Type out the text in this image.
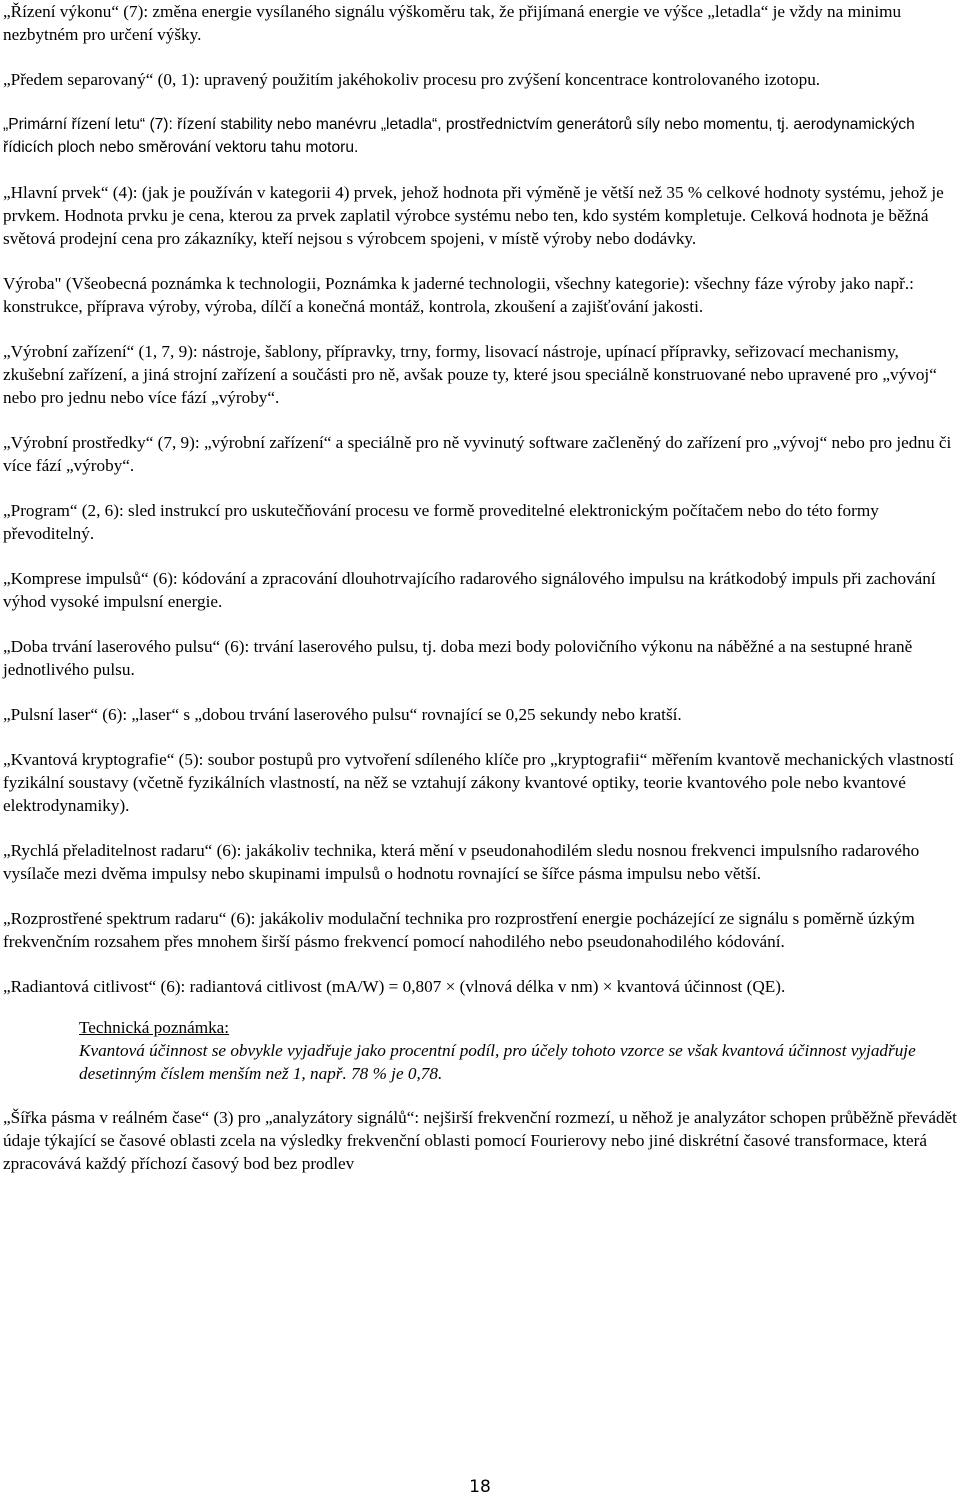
„Řízení výkonu“ (7): změna energie vysílaného signálu výškoměru tak, že přijímaná energie ve výšce „letadla“ je vždy na minimu nezbytném pro určení výšky.

„Předem separovaný“ (0, 1): upravený použitím jakéhokoliv procesu pro zvýšení koncentrace kontrolovaného izotopu.

„Primární řízení letu“ (7): řízení stability nebo manévru „letadla“, prostřednictvím generátorů síly nebo momentu, tj. aerodynamických řídicích ploch nebo směrování vektoru tahu motoru.

„Hlavní prvek“ (4): (jak je používán v kategorii 4) prvek, jehož hodnota při výměně je větší než 35 % celkové hodnoty systému, jehož je prvkem. Hodnota prvku je cena, kterou za prvek zaplatil výrobce systému nebo ten, kdo systém kompletuje. Celková hodnota je běžná světová prodejní cena pro zákazníky, kteří nejsou s výrobcem spojeni, v místě výroby nebo dodávky.

Výroba" (Všeobecná poznámka k technologii, Poznámka k jaderné technologii, všechny kategorie): všechny fáze výroby jako např.: konstrukce, příprava výroby, výroba, dílčí a konečná montáž, kontrola, zkoušení a zajišťování jakosti.

„Výrobní zařízení“ (1, 7, 9): nástroje, šablony, přípravky, trny, formy, lisovací nástroje, upínací přípravky, seřizovací mechanismy, zkušební zařízení, a jiná strojní zařízení a součásti pro ně, avšak pouze ty, které jsou speciálně konstruované nebo upravené pro „vývoj“ nebo pro jednu nebo více fází „výroby“.

„Výrobní prostředky“ (7, 9): „výrobní zařízení“ a speciálně pro ně vyvinutý software začleněný do zařízení pro „vývoj“ nebo pro jednu či více fází „výroby“.

„Program“ (2, 6): sled instrukcí pro uskutečňování procesu ve formě proveditelné elektronickým počítačem nebo do této formy převoditelný.

„Komprese impulsů“ (6): kódování a zpracování dlouhotrvajícího radarového signálového impulsu na krátkodobý impuls při zachování výhod vysoké impulsní energie.

„Doba trvání laserového pulsu“ (6): trvání laserového pulsu, tj. doba mezi body polovičního výkonu na náběžné a na sestupné hraně jednotlivého pulsu.

„Pulsní laser“ (6): „laser“ s „dobou trvání laserového pulsu“ rovnající se 0,25 sekundy nebo kratší.

„Kvantová kryptografie“ (5): soubor postupů pro vytvoření sdíleného klíče pro „kryptografii“ měřením kvantově mechanických vlastností fyzikální soustavy (včetně fyzikálních vlastností, na něž se vztahují zákony kvantové optiky, teorie kvantového pole nebo kvantové elektrodynamiky).

„Rychlá přeladitelnost radaru“ (6): jakákoliv technika, která mění v pseudonahodilém sledu nosnou frekvenci impulsního radarového vysílače mezi dvěma impulsy nebo skupinami impulsů o hodnotu rovnající se šířce pásma impulsu nebo větší.

„Rozprostřené spektrum radaru“ (6): jakákoliv modulační technika pro rozprostření energie pocházející ze signálu s poměrně úzkým frekvenčním rozsahem přes mnohem širší pásmo frekvencí pomocí nahodilého nebo pseudonahodilého kódování.

„Radiantová citlivost“ (6): radiantová citlivost (mA/W) = 0,807 × (vlnová délka v nm) × kvantová účinnost (QE).

Technická poznámka:
Kvantová účinnost se obvykle vyjadřuje jako procentní podíl, pro účely tohoto vzorce se však kvantová účinnost vyjadřuje desetinným číslem menším než 1, např. 78 % je 0,78.

„Šířka pásma v reálném čase“ (3) pro „analyzátory signálů“: nejširší frekvenční rozmezí, u něhož je analyzátor schopen průběžně převádět údaje týkající se časové oblasti zcela na výsledky frekvenční oblasti pomocí Fourierovy nebo jiné diskrétní časové transformace, která zpracovává každý příchozí časový bod bez prodlev

18
